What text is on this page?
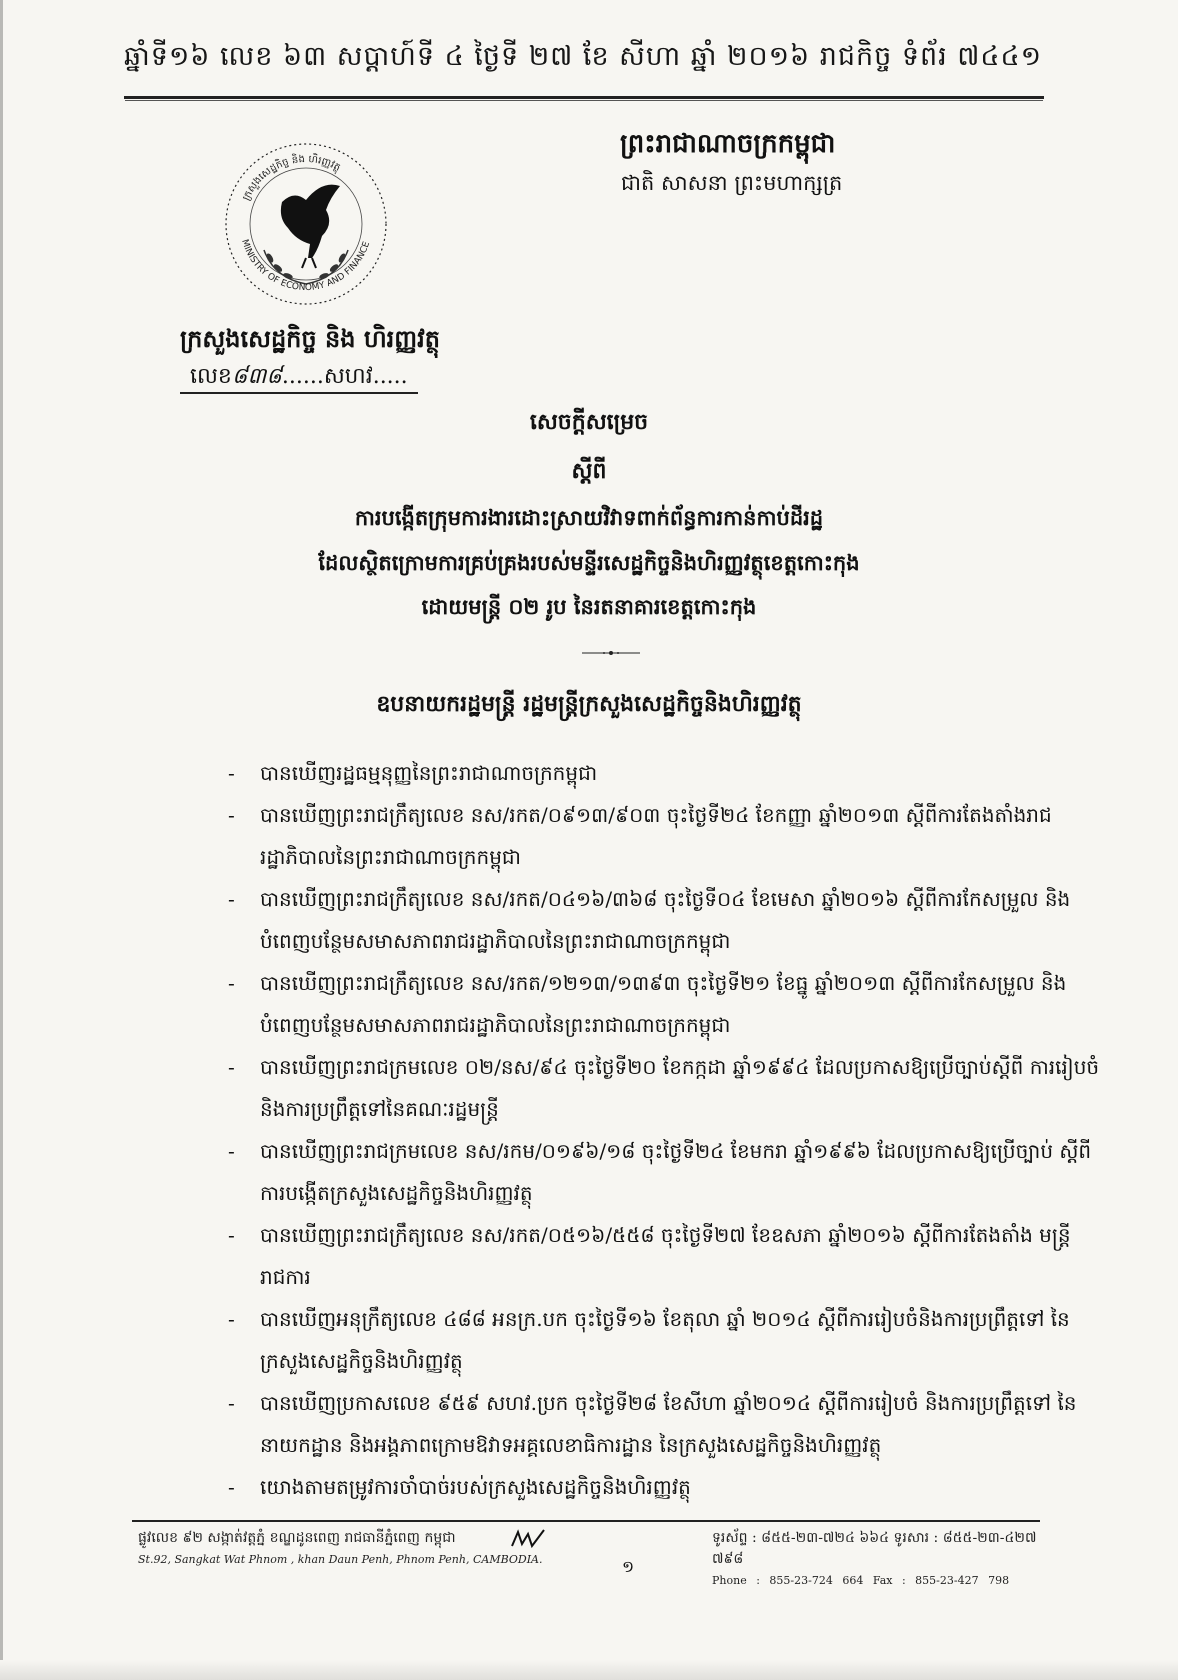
ឆ្នាំទី១៦ លេខ ៦៣ សប្ដាហ៍ទី ៤ ថ្ងៃទី ២៧ ខែ សីហា ឆ្នាំ ២០១៦ រាជកិច្ច ទំព័រ ៧៤៤១
MINISTRY OF ECONOMY AND FINANCE
ក្រសួងសេដ្ឋកិច្ច និង ហិរញ្ញវត្ថុ
ព្រះរាជាណាចក្រកម្ពុជា
ជាតិ សាសនា ព្រះមហាក្សត្រ
ក្រសួងសេដ្ឋកិច្ច និង ហិរញ្ញវត្ថុ
លេខ៨៣៨......សហវ.....
សេចក្ដីសម្រេច
ស្ដីពី
ការបង្កើតក្រុមការងារដោះស្រាយវិវាទពាក់ព័ន្ធការកាន់កាប់ដីរដ្ឋ
ដែលស្ថិតក្រោមការគ្រប់គ្រងរបស់មន្ទីរសេដ្ឋកិច្ចនិងហិរញ្ញវត្ថុខេត្តកោះកុង
ដោយមន្ត្រី ០២ រូប នៃរតនាគារខេត្តកោះកុង
ឧបនាយករដ្ឋមន្ត្រី រដ្ឋមន្ត្រីក្រសួងសេដ្ឋកិច្ចនិងហិរញ្ញវត្ថុ
- បានឃើញរដ្ឋធម្មនុញ្ញនៃព្រះរាជាណាចក្រកម្ពុជា
- បានឃើញព្រះរាជក្រឹត្យលេខ នស/រកត/០៩១៣/៩០៣ ចុះថ្ងៃទី២៤ ខែកញ្ញា ឆ្នាំ២០១៣ ស្ដីពីការតែងតាំងរាជរដ្ឋាភិបាលនៃព្រះរាជាណាចក្រកម្ពុជា
- បានឃើញព្រះរាជក្រឹត្យលេខ នស/រកត/០៤១៦/៣៦៨ ចុះថ្ងៃទី០៤ ខែមេសា ឆ្នាំ២០១៦ ស្ដីពីការកែសម្រួល និងបំពេញបន្ថែមសមាសភាពរាជរដ្ឋាភិបាលនៃព្រះរាជាណាចក្រកម្ពុជា
- បានឃើញព្រះរាជក្រឹត្យលេខ នស/រកត/១២១៣/១៣៩៣ ចុះថ្ងៃទី២១ ខែធ្នូ ឆ្នាំ២០១៣ ស្ដីពីការកែសម្រួល និងបំពេញបន្ថែមសមាសភាពរាជរដ្ឋាភិបាលនៃព្រះរាជាណាចក្រកម្ពុជា
- បានឃើញព្រះរាជក្រមលេខ ០២/នស/៩៤ ចុះថ្ងៃទី២០ ខែកក្កដា ឆ្នាំ១៩៩៤ ដែលប្រកាសឱ្យប្រើច្បាប់ស្ដីពី ការរៀបចំនិងការប្រព្រឹត្តទៅនៃគណៈរដ្ឋមន្ត្រី
- បានឃើញព្រះរាជក្រមលេខ នស/រកម/០១៩៦/១៨ ចុះថ្ងៃទី២៤ ខែមករា ឆ្នាំ១៩៩៦ ដែលប្រកាសឱ្យប្រើច្បាប់ ស្ដីពីការបង្កើតក្រសួងសេដ្ឋកិច្ចនិងហិរញ្ញវត្ថុ
- បានឃើញព្រះរាជក្រឹត្យលេខ នស/រកត/០៥១៦/៥៥៨ ចុះថ្ងៃទី២៧ ខែឧសភា ឆ្នាំ២០១៦ ស្ដីពីការតែងតាំង មន្ត្រីរាជការ
- បានឃើញអនុក្រឹត្យលេខ ៤៨៨ អនក្រ.បក ចុះថ្ងៃទី១៦ ខែតុលា ឆ្នាំ ២០១៤ ស្ដីពីការរៀបចំនិងការប្រព្រឹត្តទៅ នៃក្រសួងសេដ្ឋកិច្ចនិងហិរញ្ញវត្ថុ
- បានឃើញប្រកាសលេខ ៩៥៩ សហវ.ប្រក ចុះថ្ងៃទី២៨ ខែសីហា ឆ្នាំ២០១៤ ស្ដីពីការរៀបចំ និងការប្រព្រឹត្តទៅ នៃនាយកដ្ឋាន និងអង្គភាពក្រោមឱវាទអគ្គលេខាធិការដ្ឋាន នៃក្រសួងសេដ្ឋកិច្ចនិងហិរញ្ញវត្ថុ
- យោងតាមតម្រូវការចាំបាច់របស់ក្រសួងសេដ្ឋកិច្ចនិងហិរញ្ញវត្ថុ
ផ្លូវលេខ ៩២ សង្កាត់វត្តភ្នំ ខណ្ឌដូនពេញ រាជធានីភ្នំពេញ កម្ពុជា
St.92, Sangkat Wat Phnom , khan Daun Penh, Phnom Penh, CAMBODIA.	១
ទូរស័ព្ទ : ៨៥៥-២៣-៧២៤ ៦៦៤ ទូរសារ : ៨៥៥-២៣-៤២៧ ៧៩៨
Phone : 855-23-724 664 Fax : 855-23-427 798
